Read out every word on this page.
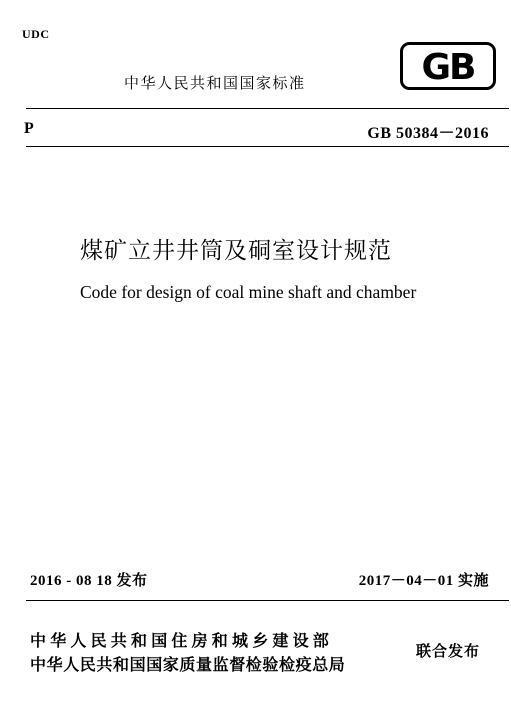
UDC
中华人民共和国国家标准	GB
P	GB 50384－2016
煤矿立井井筒及硐室设计规范
Code for design of coal mine shaft and chamber
2016 - 08 18 发布	2017－04－01 实施
中华人民共和国住房和城乡建设部
中华人民共和国国家质量监督检验检疫总局
联合发布
